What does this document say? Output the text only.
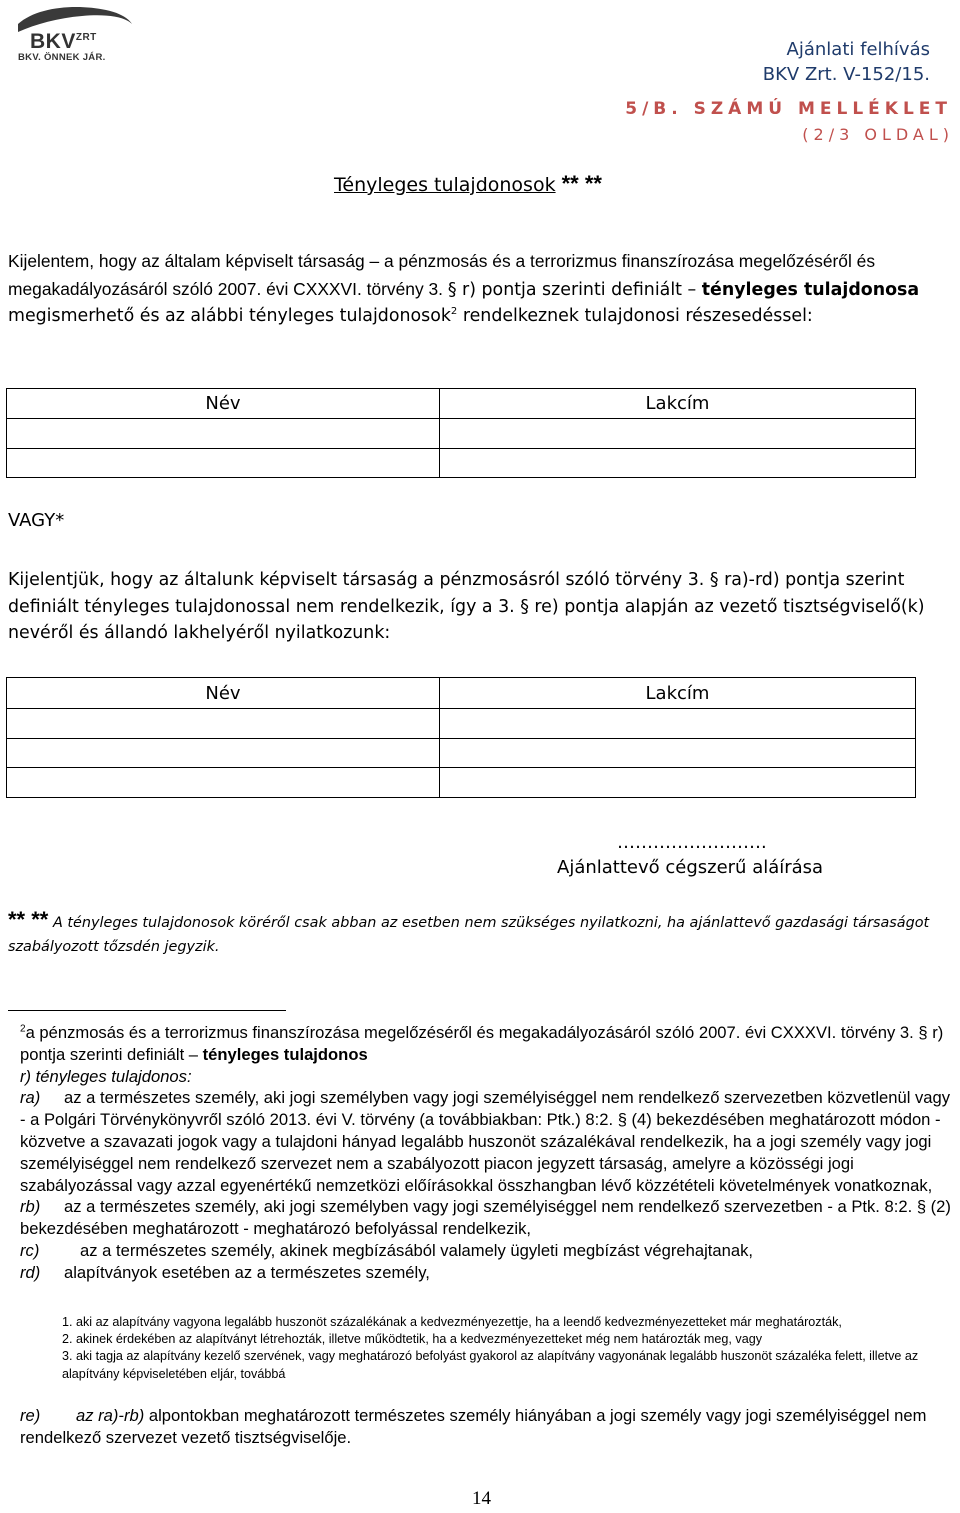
$BKV^{ZRT}$
BKV. ÖNNEK JÁR.	Ajánlati felhívás
BKV Zrt. V-152/15.
5/B. SZÁMÚ MELLÉKLET
(2/3 OLDAL)
Tényleges tulajdonosok ** **
Kijelentem, hogy az általam képviselt társaság – a pénzmosás és a terrorizmus finanszírozása megelőzéséről és megakadályozásáról szóló 2007. évi CXXXVI. törvény 3. § r) pontja szerinti definiált – tényleges tulajdonosa megismerhető és az alábbi tényleges tulajdonosok$^2$ rendelkeznek tulajdonosi részesedéssel:
Név	Lakcím

VAGY*
Kijelentjük, hogy az általunk képviselt társaság a pénzmosásról szóló törvény 3. § ra)-rd) pontja szerint definiált tényleges tulajdonossal nem rendelkezik, így a 3. § re) pontja alapján az vezető tisztségviselő(k) nevéről és állandó lakhelyéről nyilatkozunk:
Név	Lakcím

…………………….
Ajánlattevő cégszerű aláírása
** ** A tényleges tulajdonosok köréről csak abban az esetben nem szükséges nyilatkozni, ha ajánlattevő gazdasági társaságot szabályozott tőzsdén jegyzik.
$^2$a pénzmosás és a terrorizmus finanszírozása megelőzéséről és megakadályozásáról szóló 2007. évi CXXXVI. törvény 3. § r) pontja szerinti definiált – tényleges tulajdonos
r) tényleges tulajdonos:
ra) az a természetes személy, aki jogi személyben vagy jogi személyiséggel nem rendelkező szervezetben közvetlenül vagy - a Polgári Törvénykönyvről szóló 2013. évi V. törvény (a továbbiakban: Ptk.) 8:2. § (4) bekezdésében meghatározott módon - közvetve a szavazati jogok vagy a tulajdoni hányad legalább huszonöt százalékával rendelkezik, ha a jogi személy vagy jogi személyiséggel nem rendelkező szervezet nem a szabályozott piacon jegyzett társaság, amelyre a közösségi jogi szabályozással vagy azzal egyenértékű nemzetközi előírásokkal összhangban lévő közzétételi követelmények vonatkoznak,
rb) az a természetes személy, aki jogi személyben vagy jogi személyiséggel nem rendelkező szervezetben - a Ptk. 8:2. § (2) bekezdésében meghatározott - meghatározó befolyással rendelkezik,
rc) az a természetes személy, akinek megbízásából valamely ügyleti megbízást végrehajtanak,
rd) alapítványok esetében az a természetes személy,
1. aki az alapítvány vagyona legalább huszonöt százalékának a kedvezményezettje, ha a leendő kedvezményezetteket már meghatározták,
2. akinek érdekében az alapítványt létrehozták, illetve működtetik, ha a kedvezményezetteket még nem határozták meg, vagy
3. aki tagja az alapítvány kezelő szervének, vagy meghatározó befolyást gyakorol az alapítvány vagyonának legalább huszonöt százaléka felett, illetve az alapítvány képviseletében eljár, továbbá
re) az ra)-rb) alpontokban meghatározott természetes személy hiányában a jogi személy vagy jogi személyiséggel nem rendelkező szervezet vezető tisztségviselője.
14
